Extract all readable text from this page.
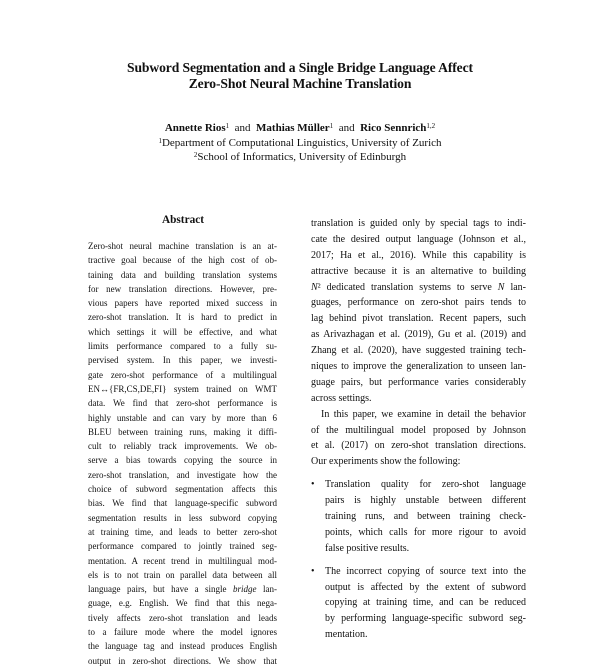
Subword Segmentation and a Single Bridge Language Affect
Zero-Shot Neural Machine Translation
Annette Rios$^1$ and Mathias Müller$^1$ and Rico Sennrich$^{1,2}$
$^1$Department of Computational Linguistics, University of Zurich
$^2$School of Informatics, University of Edinburgh
Abstract
Zero-shot neural machine translation is an at-
tractive goal because of the high cost of ob-
taining data and building translation systems
for new translation directions. However, pre-
vious papers have reported mixed success in
zero-shot translation. It is hard to predict in
which settings it will be effective, and what
limits performance compared to a fully su-
pervised system. In this paper, we investi-
gate zero-shot performance of a multilingual
EN↔{FR,CS,DE,FI} system trained on WMT
data. We find that zero-shot performance is
highly unstable and can vary by more than 6
BLEU between training runs, making it diffi-
cult to reliably track improvements. We ob-
serve a bias towards copying the source in
zero-shot translation, and investigate how the
choice of subword segmentation affects this
bias. We find that language-specific subword
segmentation results in less subword copying
at training time, and leads to better zero-shot
performance compared to jointly trained seg-
mentation. A recent trend in multilingual mod-
els is to not train on parallel data between all
language pairs, but have a single bridge lan-
guage, e.g. English. We find that this nega-
tively affects zero-shot translation and leads
to a failure mode where the model ignores
the language tag and instead produces English
output in zero-shot directions. We show that
translation is guided only by special tags to indi-
cate the desired output language (Johnson et al.,
2017; Ha et al., 2016). While this capability is
attractive because it is an alternative to building
N² dedicated translation systems to serve N lan-
guages, performance on zero-shot pairs tends to
lag behind pivot translation. Recent papers, such
as Arivazhagan et al. (2019), Gu et al. (2019) and
Zhang et al. (2020), have suggested training tech-
niques to improve the generalization to unseen lan-
guage pairs, but performance varies considerably
across settings.
In this paper, we examine in detail the behavior
of the multilingual model proposed by Johnson
et al. (2017) on zero-shot translation directions.
Our experiments show the following:
• Translation quality for zero-shot language
pairs is highly unstable between different
training runs, and between training check-
points, which calls for more rigour to avoid
false positive results.
• The incorrect copying of source text into the
output is affected by the extent of subword
copying at training time, and can be reduced
by performing language-specific subword seg-
mentation.
